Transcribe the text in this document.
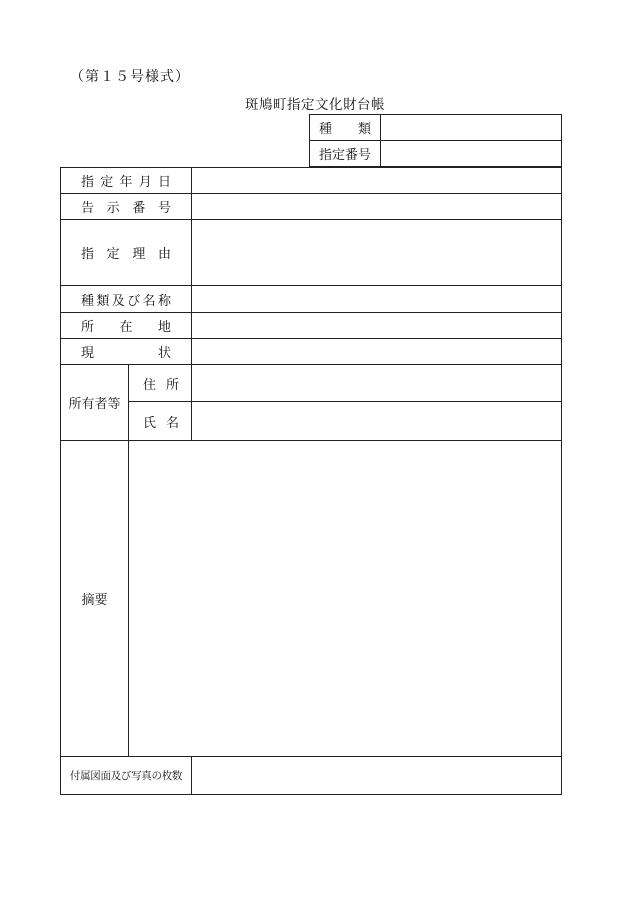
（第１５号様式）
斑鳩町指定文化財台帳
種　　類	
指定番号	
指定年月日		
告示番号		
指定理由		
種類及び名称		
所在地		
現状		
所有者等	住所	
	氏名	
摘要		
付属図面及び写真の枚数		
